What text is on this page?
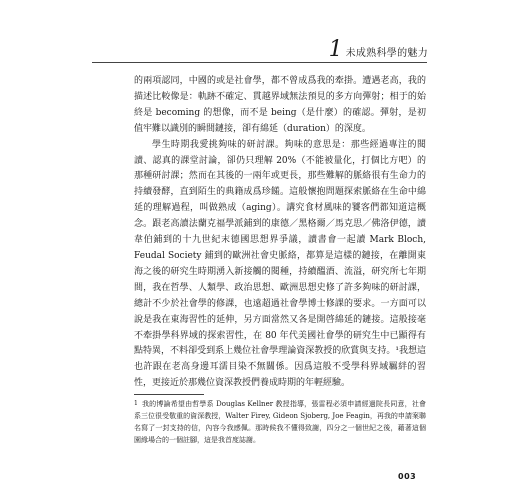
1 未成熟科學的魅力

的兩項認同，中國的或是社會學，都不曾成爲我的牽掛。遭遇老高，我的描述比較像是：軌跡不確定、貫越界域無法預見的多方向彈射；相于的始終是 becoming 的想像，而不是 being（是什麼）的確認。彈射，是初值牢難以識別的瞬間鏈接，卻有綿延（duration）的深度。

學生時期我愛挑夠味的研討課。夠味的意思是：那些經過專注的閱讀、認真的課堂討論，卻仍只理解 20%（不能被量化，打個比方吧）的那種研討課；然而在其後的一兩年或更長，那些難解的脈絡很有生命力的持續發酵，直到陌生的典籍成爲珍饈。這般懷抱問題探索脈絡在生命中綿延的理解過程，叫做熟成（aging）。講究食材風味的饕客們都知道這概念。跟老高讀法蘭克福學派鋪到的康德／黑格爾／馬克思／佛洛伊德，讀韋伯鋪到的十九世紀末德國思想界爭議，讀書會一起讀 Mark Bloch, Feudal Society 鋪到的歐洲社會史脈絡，都算是這樣的鏈接，在離開東海之後的研究生時期湧入新接觸的閱種，持續醞酒、流溢，研究所七年期間，我在哲學、人類學、政治思想、歐洲思想史修了許多夠味的研討課，總計不少於社會學的修課，也遠超過社會學博士修課的要求。一方面可以說是我在東海習性的延伸，另方面當然又各是開啓綿延的鏈接。這般接毫不牽掛學科界域的探索習性，在 80 年代美國社會學的研究生中已顯得有點特異，不料卻受到系上幾位社會學理論資深教授的欣賞與支持。¹我想這也許跟在老高身邊耳濡目染不無關係。因爲這般不受學科界域羈絆的習性，更接近於那幾位資深教授們養成時期的年輕經驗。

1 我的博論希望由哲學系 Douglas Kellner 教授指導，張雷程必須申請經過院長同意，社會系三位很受敬重的資深教授，Walter Firey, Gideon Sjoberg, Joe Feagin，再我的申請案聯名寫了一封支持的信，內容今我感佩。那時候我不懂得致謝，四分之一個世紀之後，藉著這個園緣場合的一個註腳，這是我首度誌謝。

003
